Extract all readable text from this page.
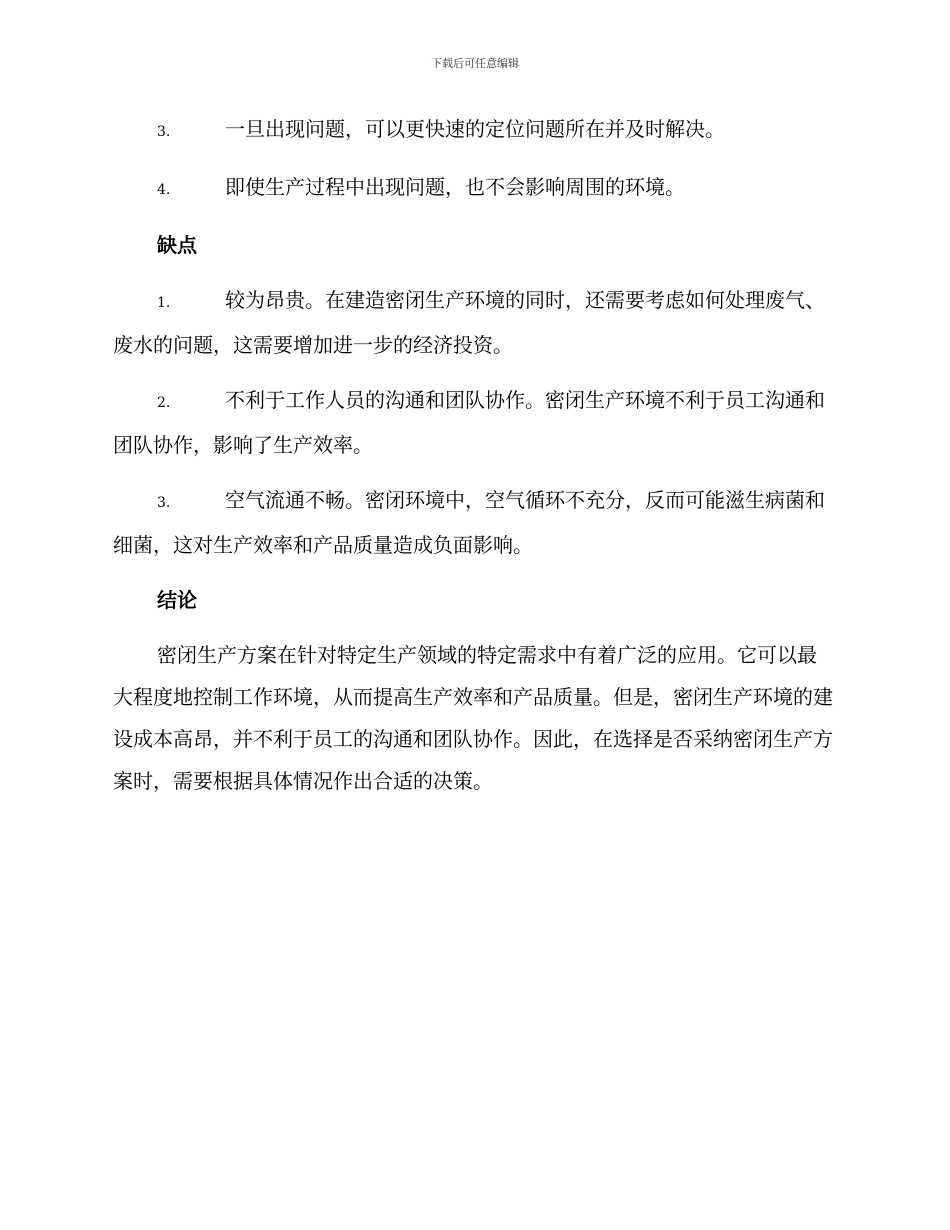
下载后可任意编辑

3.	一旦出现问题，可以更快速的定位问题所在并及时解决。

4.	即使生产过程中出现问题，也不会影响周围的环境。

缺点

1.	较为昂贵。在建造密闭生产环境的同时，还需要考虑如何处理废气、废水的问题，这需要增加进一步的经济投资。

2.	不利于工作人员的沟通和团队协作。密闭生产环境不利于员工沟通和团队协作，影响了生产效率。

3.	空气流通不畅。密闭环境中，空气循环不充分，反而可能滋生病菌和细菌，这对生产效率和产品质量造成负面影响。

结论

密闭生产方案在针对特定生产领域的特定需求中有着广泛的应用。它可以最大程度地控制工作环境，从而提高生产效率和产品质量。但是，密闭生产环境的建设成本高昂，并不利于员工的沟通和团队协作。因此，在选择是否采纳密闭生产方案时，需要根据具体情况作出合适的决策。
